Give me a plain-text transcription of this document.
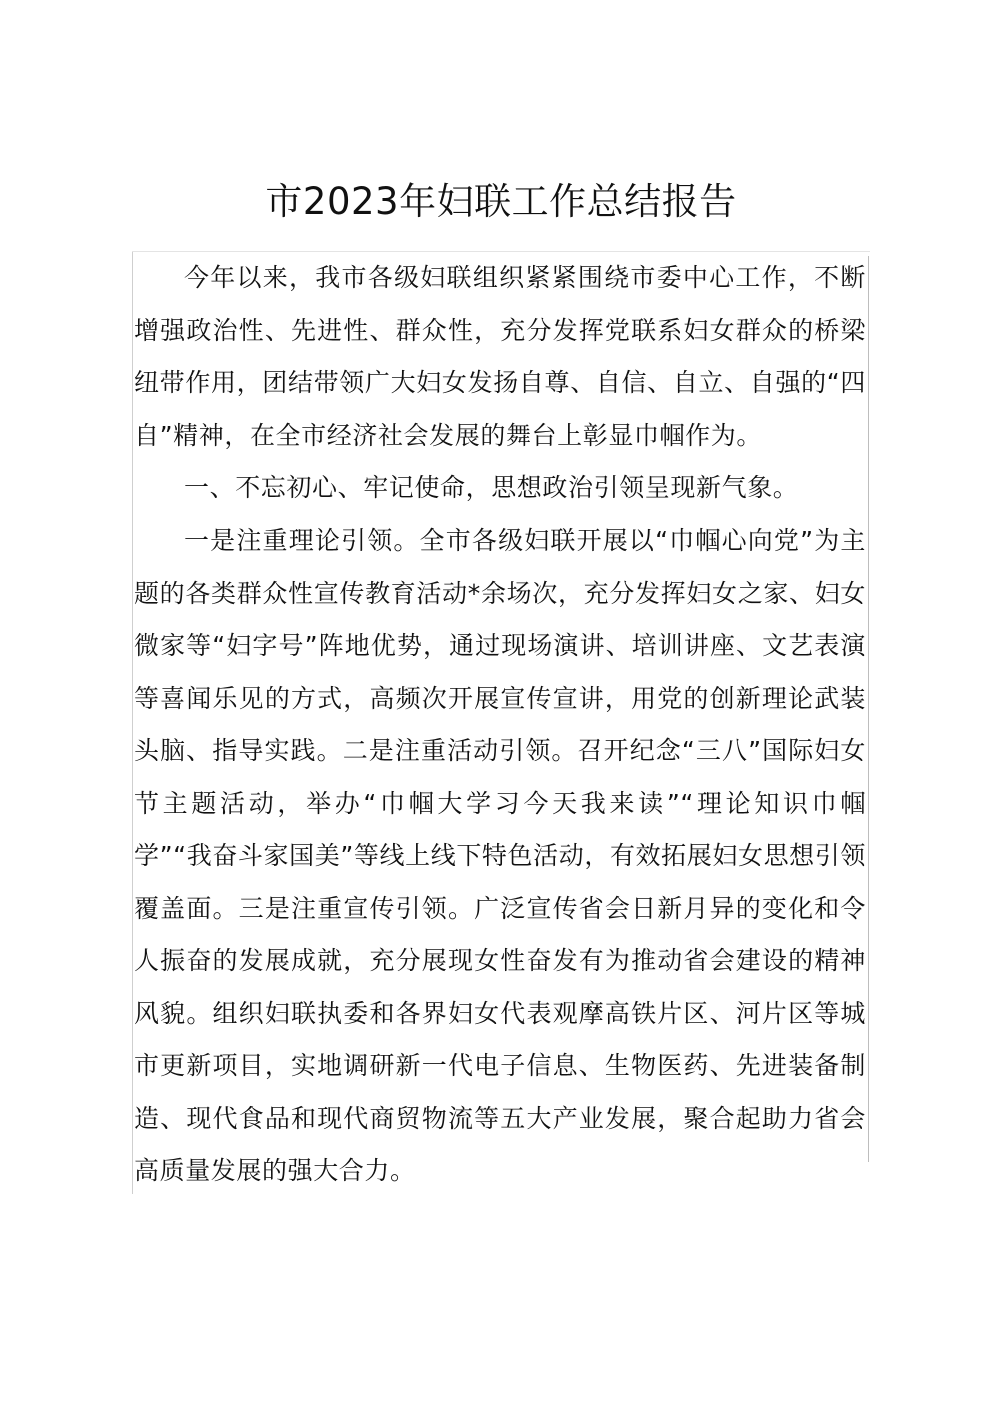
市2023年妇联工作总结报告

今年以来，我市各级妇联组织紧紧围绕市委中心工作，不断增强政治性、先进性、群众性，充分发挥党联系妇女群众的桥梁纽带作用，团结带领广大妇女发扬自尊、自信、自立、自强的“四自”精神，在全市经济社会发展的舞台上彰显巾帼作为。

一、不忘初心、牢记使命，思想政治引领呈现新气象。

一是注重理论引领。全市各级妇联开展以“巾帼心向党”为主题的各类群众性宣传教育活动*余场次，充分发挥妇女之家、妇女微家等“妇字号”阵地优势，通过现场演讲、培训讲座、文艺表演等喜闻乐见的方式，高频次开展宣传宣讲，用党的创新理论武装头脑、指导实践。二是注重活动引领。召开纪念“三八”国际妇女节主题活动，举办“巾帼大学习今天我来读”“理论知识巾帼学”“我奋斗家国美”等线上线下特色活动，有效拓展妇女思想引领覆盖面。三是注重宣传引领。广泛宣传省会日新月异的变化和令人振奋的发展成就，充分展现女性奋发有为推动省会建设的精神风貌。组织妇联执委和各界妇女代表观摩高铁片区、河片区等城市更新项目，实地调研新一代电子信息、生物医药、先进装备制造、现代食品和现代商贸物流等五大产业发展，聚合起助力省会高质量发展的强大合力。
